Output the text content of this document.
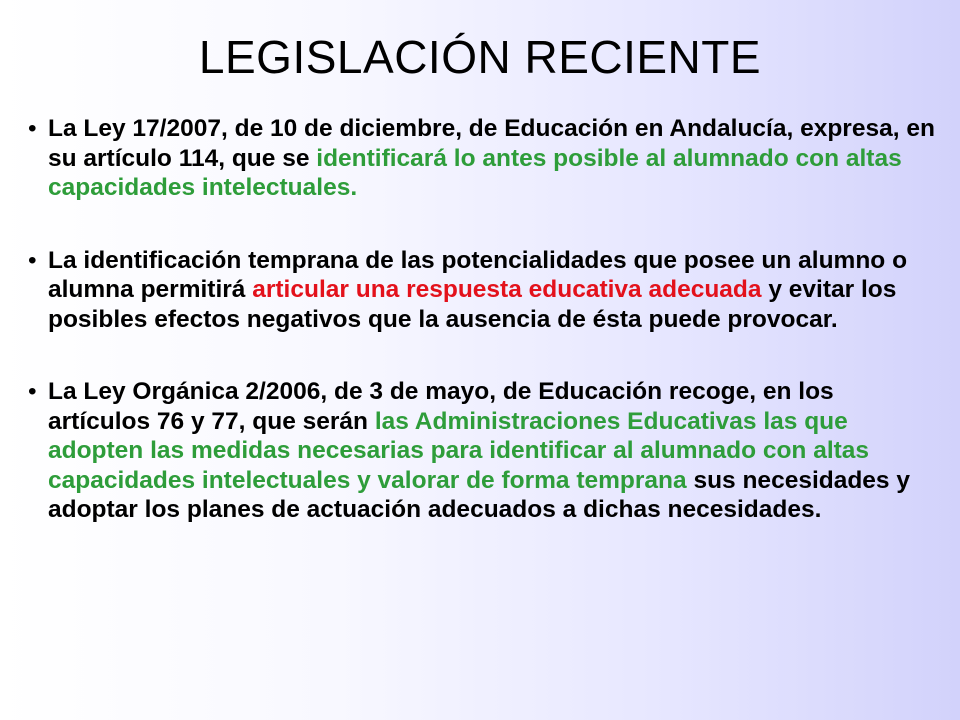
LEGISLACIÓN RECIENTE
• La Ley 17/2007, de 10 de diciembre, de Educación en Andalucía, expresa, en su artículo 114, que se identificará lo antes posible al alumnado con altas capacidades intelectuales.
• La identificación temprana de las potencialidades que posee un alumno o alumna permitirá articular una respuesta educativa adecuada y evitar los posibles efectos negativos que la ausencia de ésta puede provocar.
• La Ley Orgánica 2/2006, de 3 de mayo, de Educación recoge, en los artículos 76 y 77, que serán las Administraciones Educativas las que adopten las medidas necesarias para identificar al alumnado con altas capacidades intelectuales y valorar de forma temprana sus necesidades y adoptar los planes de actuación adecuados a dichas necesidades.
